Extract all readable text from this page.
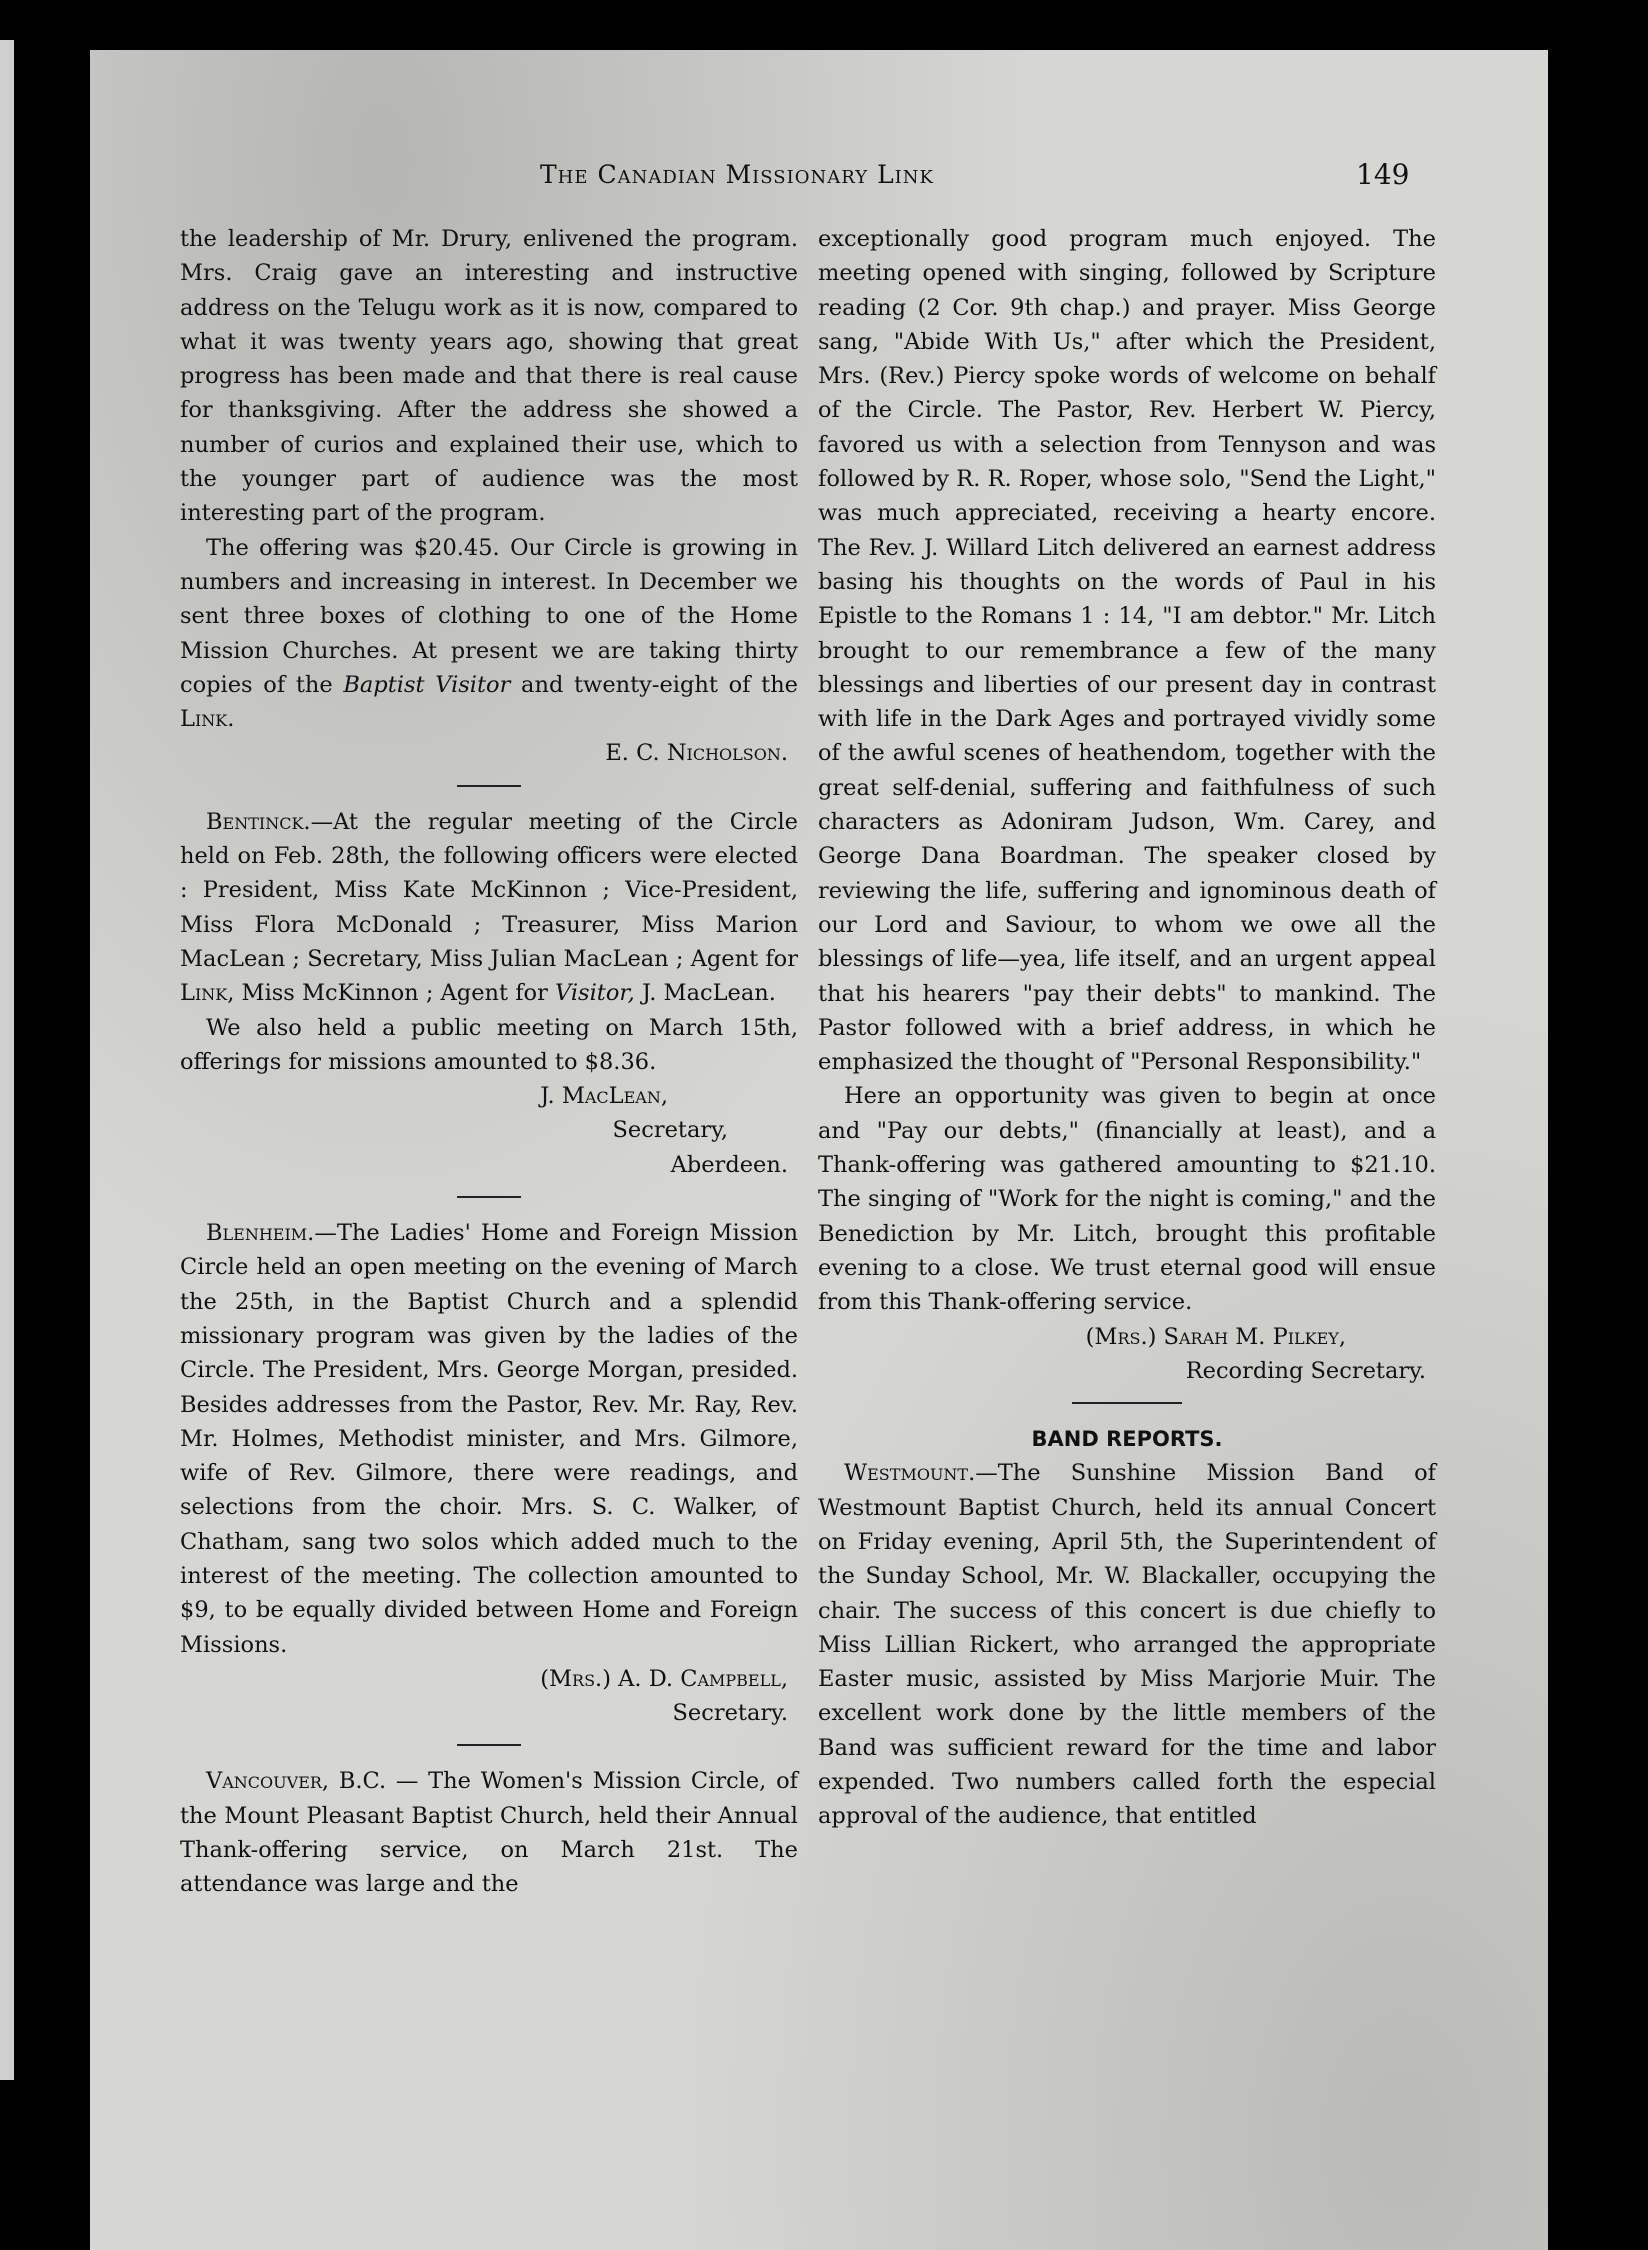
The Canadian Missionary Link	149

the leadership of Mr. Drury, enlivened the program. Mrs. Craig gave an interesting and instructive address on the Telugu work as it is now, compared to what it was twenty years ago, showing that great progress has been made and that there is real cause for thanksgiving. After the address she showed a number of curios and explained their use, which to the younger part of audience was the most interesting part of the program.

The offering was $20.45. Our Circle is growing in numbers and increasing in interest. In December we sent three boxes of clothing to one of the Home Mission Churches. At present we are taking thirty copies of the Baptist Visitor and twenty-eight of the Link.

E. C. Nicholson.

Bentinck.—At the regular meeting of the Circle held on Feb. 28th, the following officers were elected : President, Miss Kate McKinnon ; Vice-President, Miss Flora McDonald ; Treasurer, Miss Marion MacLean ; Secretary, Miss Julian MacLean ; Agent for Link, Miss McKinnon ; Agent for Visitor, J. MacLean.

We also held a public meeting on March 15th, offerings for missions amounted to $8.36.

J. MacLean,

Secretary,

Aberdeen.

Blenheim.—The Ladies' Home and Foreign Mission Circle held an open meeting on the evening of March the 25th, in the Baptist Church and a splendid missionary program was given by the ladies of the Circle. The President, Mrs. George Morgan, presided. Besides addresses from the Pastor, Rev. Mr. Ray, Rev. Mr. Holmes, Methodist minister, and Mrs. Gilmore, wife of Rev. Gilmore, there were readings, and selections from the choir. Mrs. S. C. Walker, of Chatham, sang two solos which added much to the interest of the meeting. The collection amounted to $9, to be equally divided between Home and Foreign Missions.

(Mrs.) A. D. Campbell,

Secretary.

Vancouver, B.C. — The Women's Mission Circle, of the Mount Pleasant Baptist Church, held their Annual Thank-offering service, on March 21st. The attendance was large and the

exceptionally good program much enjoyed. The meeting opened with singing, followed by Scripture reading (2 Cor. 9th chap.) and prayer. Miss George sang, "Abide With Us," after which the President, Mrs. (Rev.) Piercy spoke words of welcome on behalf of the Circle. The Pastor, Rev. Herbert W. Piercy, favored us with a selection from Tennyson and was followed by R. R. Roper, whose solo, "Send the Light," was much appreciated, receiving a hearty encore. The Rev. J. Willard Litch delivered an earnest address basing his thoughts on the words of Paul in his Epistle to the Romans 1 : 14, "I am debtor." Mr. Litch brought to our remembrance a few of the many blessings and liberties of our present day in contrast with life in the Dark Ages and portrayed vividly some of the awful scenes of heathendom, together with the great self-denial, suffering and faithfulness of such characters as Adoniram Judson, Wm. Carey, and George Dana Boardman. The speaker closed by reviewing the life, suffering and ignominous death of our Lord and Saviour, to whom we owe all the blessings of life—yea, life itself, and an urgent appeal that his hearers "pay their debts" to mankind. The Pastor followed with a brief address, in which he emphasized the thought of "Personal Responsibility."

Here an opportunity was given to begin at once and "Pay our debts," (financially at least), and a Thank-offering was gathered amounting to $21.10. The singing of "Work for the night is coming," and the Benediction by Mr. Litch, brought this profitable evening to a close. We trust eternal good will ensue from this Thank-offering service.

(Mrs.) Sarah M. Pilkey,

Recording Secretary.

BAND REPORTS.

Westmount.—The Sunshine Mission Band of Westmount Baptist Church, held its annual Concert on Friday evening, April 5th, the Superintendent of the Sunday School, Mr. W. Blackaller, occupying the chair. The success of this concert is due chiefly to Miss Lillian Rickert, who arranged the appropriate Easter music, assisted by Miss Marjorie Muir. The excellent work done by the little members of the Band was sufficient reward for the time and labor expended. Two numbers called forth the especial approval of the audience, that entitled
